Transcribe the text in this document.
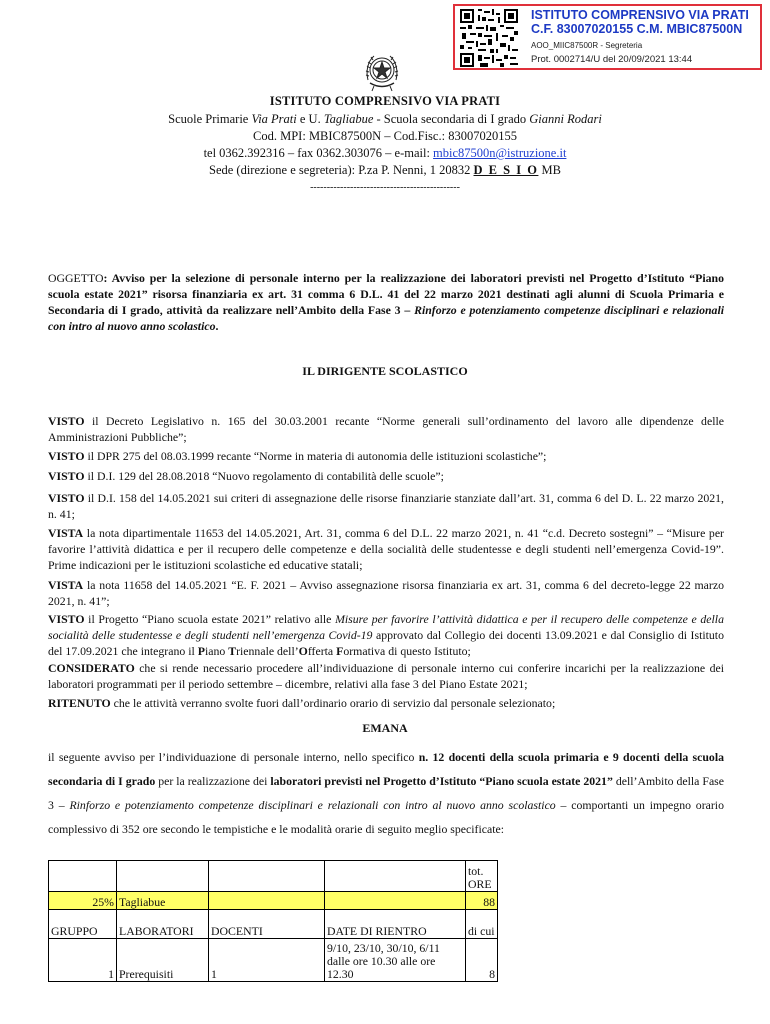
ISTITUTO COMPRENSIVO VIA PRATI
C.F. 83007020155 C.M. MBIC87500N
AOO_MIIC87500R - Segreteria
Prot. 0002714/U del 20/09/2021 13:44
ISTITUTO COMPRENSIVO VIA PRATI
Scuole Primarie Via Prati e U. Tagliabue - Scuola secondaria di I grado Gianni Rodari
Cod. MPI: MBIC87500N – Cod.Fisc.: 83007020155
tel 0362.392316 – fax 0362.303076 – e-mail: mbic87500n@istruzione.it
Sede (direzione e segreteria): P.za P. Nenni, 1 20832 D E S I O MB
---------------------------------------------
OGGETTO: Avviso per la selezione di personale interno per la realizzazione dei laboratori previsti nel Progetto d’Istituto “Piano scuola estate 2021” risorsa finanziaria ex art. 31 comma 6 D.L. 41 del 22 marzo 2021 destinati agli alunni di Scuola Primaria e Secondaria di I grado, attività da realizzare nell’Ambito della Fase 3 – Rinforzo e potenziamento competenze disciplinari e relazionali con intro al nuovo anno scolastico.
IL DIRIGENTE SCOLASTICO
VISTO il Decreto Legislativo n. 165 del 30.03.2001 recante “Norme generali sull’ordinamento del lavoro alle dipendenze delle Amministrazioni Pubbliche”;
VISTO il DPR 275 del 08.03.1999 recante “Norme in materia di autonomia delle istituzioni scolastiche”;
VISTO il D.I. 129 del 28.08.2018 “Nuovo regolamento di contabilità delle scuole”;
VISTO il D.I. 158 del 14.05.2021 sui criteri di assegnazione delle risorse finanziarie stanziate dall’art. 31, comma 6 del D. L. 22 marzo 2021, n. 41;
VISTA la nota dipartimentale 11653 del 14.05.2021, Art. 31, comma 6 del D.L. 22 marzo 2021, n. 41 “c.d. Decreto sostegni” – “Misure per favorire l’attività didattica e per il recupero delle competenze e della socialità delle studentesse e degli studenti nell’emergenza Covid-19”. Prime indicazioni per le istituzioni scolastiche ed educative statali;
VISTA la nota 11658 del 14.05.2021 “E. F. 2021 – Avviso assegnazione risorsa finanziaria ex art. 31, comma 6 del decreto-legge 22 marzo 2021, n. 41”;
VISTO il Progetto “Piano scuola estate 2021” relativo alle Misure per favorire l’attività didattica e per il recupero delle competenze e della socialità delle studentesse e degli studenti nell’emergenza Covid-19 approvato dal Collegio dei docenti 13.09.2021 e dal Consiglio di Istituto del 17.09.2021 che integrano il Piano Triennale dell’Offerta Formativa di questo Istituto;
CONSIDERATO che si rende necessario procedere all’individuazione di personale interno cui conferire incarichi per la realizzazione dei laboratori programmati per il periodo settembre – dicembre, relativi alla fase 3 del Piano Estate 2021;
RITENUTO che le attività verranno svolte fuori dall’ordinario orario di servizio dal personale selezionato;
EMANA
il seguente avviso per l’individuazione di personale interno, nello specifico n. 12 docenti della scuola primaria e 9 docenti della scuola secondaria di I grado per la realizzazione dei laboratori previsti nel Progetto d’Istituto “Piano scuola estate 2021” dell’Ambito della Fase 3 – Rinforzo e potenziamento competenze disciplinari e relazionali con intro al nuovo anno scolastico – comportanti un impegno orario complessivo di 352 ore secondo le tempistiche e le modalità orarie di seguito meglio specificate:
				tot.
ORE
25%	Tagliabue			88
GRUPPO	LABORATORI	DOCENTI	DATE DI RIENTRO	di cui
1	Prerequisiti	1	9/10, 23/10, 30/10, 6/11 dalle ore 10.30 alle ore 12.30	8
